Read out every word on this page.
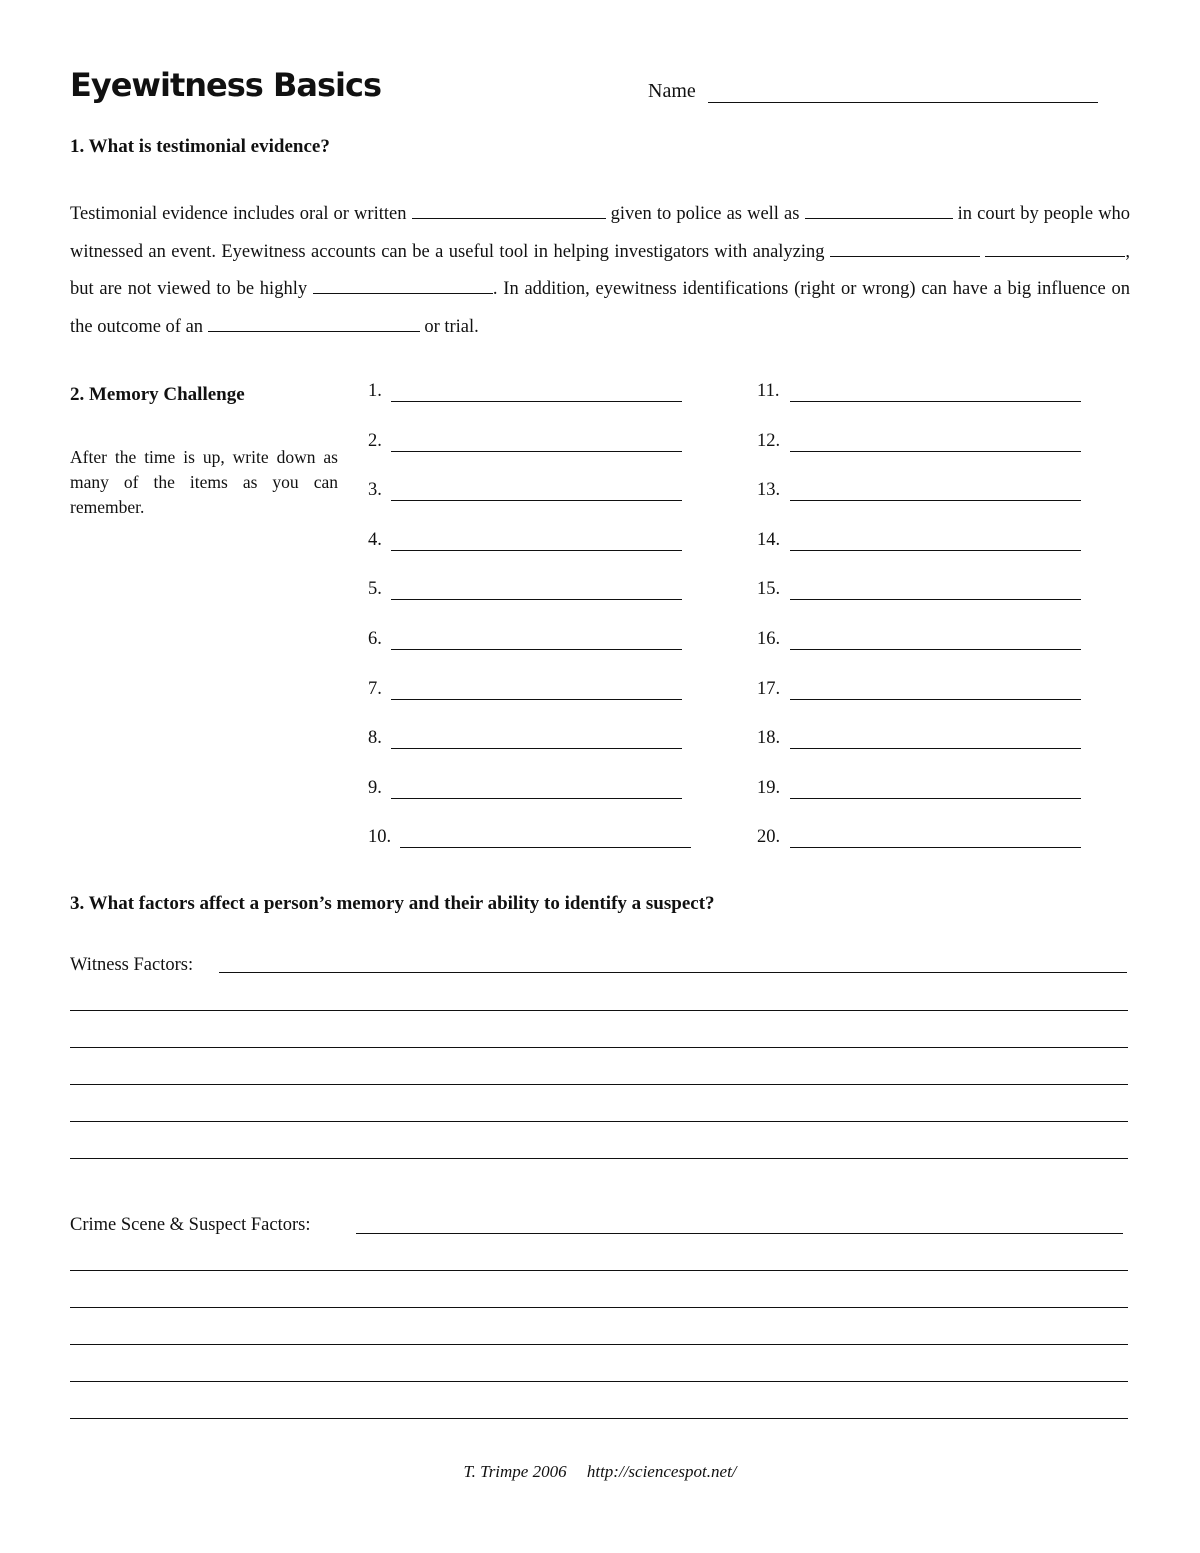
Eyewitness Basics	Name
1. What is testimonial evidence?
Testimonial evidence includes oral or written	given to police as well as	in court by people who witnessed an event. Eyewitness accounts can be a useful tool in helping investigators with analyzing	, but are not viewed to be highly	. In addition, eyewitness identifications (right or wrong) can have a big influence on the outcome of an	or trial.
2. Memory Challenge
After the time is up, write down as many of the items as you can remember.
1.
2.
3.
4.
5.
6.
7.
8.
9.
10.
11.
12.
13.
14.
15.
16.
17.
18.
19.
20.
3. What factors affect a person’s memory and their ability to identify a suspect?
Witness Factors:
Crime Scene & Suspect Factors:
T. Trimpe 2006 http://sciencespot.net/
